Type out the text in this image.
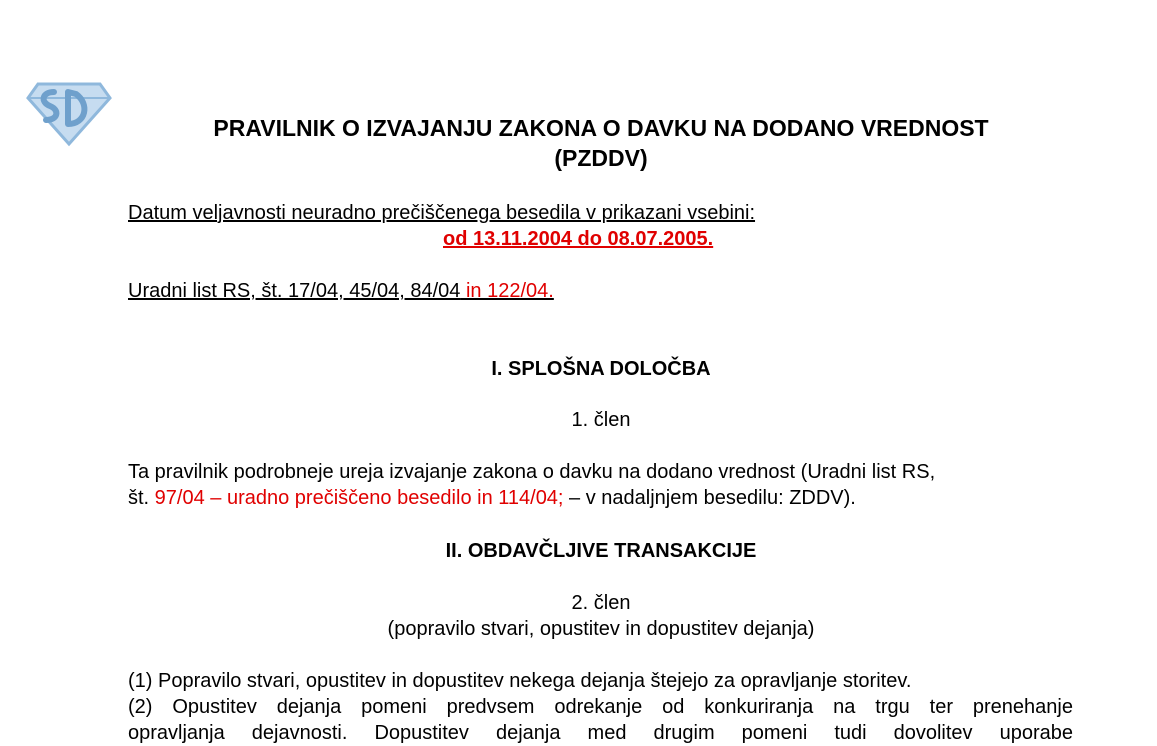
PRAVILNIK O IZVAJANJU ZAKONA O DAVKU NA DODANO VREDNOST
(PZDDV)
Datum veljavnosti neuradno prečiščenega besedila v prikazani vsebini:
od 13.11.2004 do 08.07.2005.
Uradni list RS, št. 17/04, 45/04, 84/04 in 122/04.
I. SPLOŠNA DOLOČBA
1. člen
Ta pravilnik podrobneje ureja izvajanje zakona o davku na dodano vrednost (Uradni list RS,
št. 97/04 – uradno prečiščeno besedilo in 114/04; – v nadaljnjem besedilu: ZDDV).
II. OBDAVČLJIVE TRANSAKCIJE
2. člen
(popravilo stvari, opustitev in dopustitev dejanja)
(1) Popravilo stvari, opustitev in dopustitev nekega dejanja štejejo za opravljanje storitev.
(2) Opustitev dejanja pomeni predvsem odrekanje od konkuriranja na trgu ter prenehanje
opravljanja dejavnosti. Dopustitev dejanja med drugim pomeni tudi dovolitev uporabe
